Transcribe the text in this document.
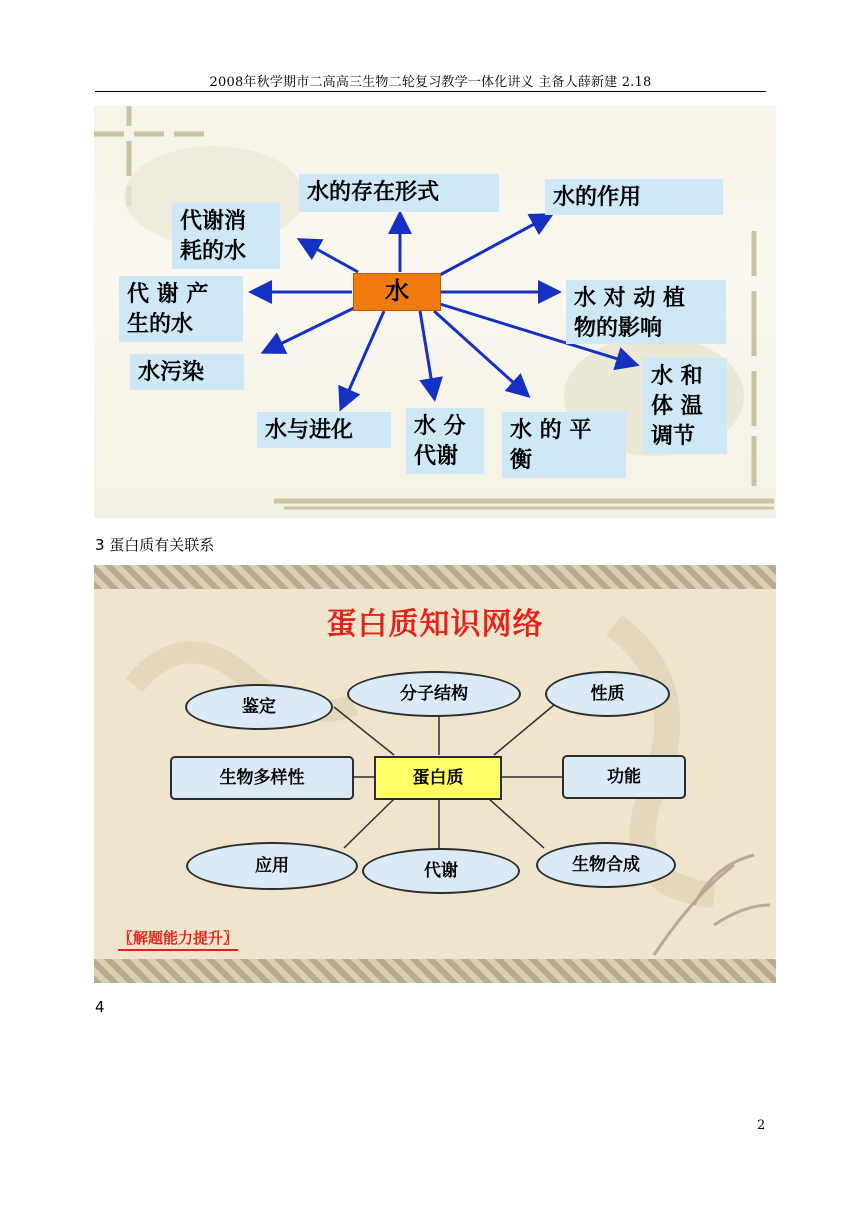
2008年秋学期市二高高三生物二轮复习教学一体化讲义 主备人薛新建 2.18
水
水的存在形式	水的作用
代谢消
耗的水
代 谢 产
生的水
水 对 动 植
物的影响
水污染	水 和
体 温
调节
水与进化	水 分
代谢
水 的 平
衡
3 蛋白质有关联系
蛋白质知识网络
鉴定
分子结构	性质
生物多样性	蛋白质	功能
应用	代谢	生物合成
〖解题能力提升〗
4
2
